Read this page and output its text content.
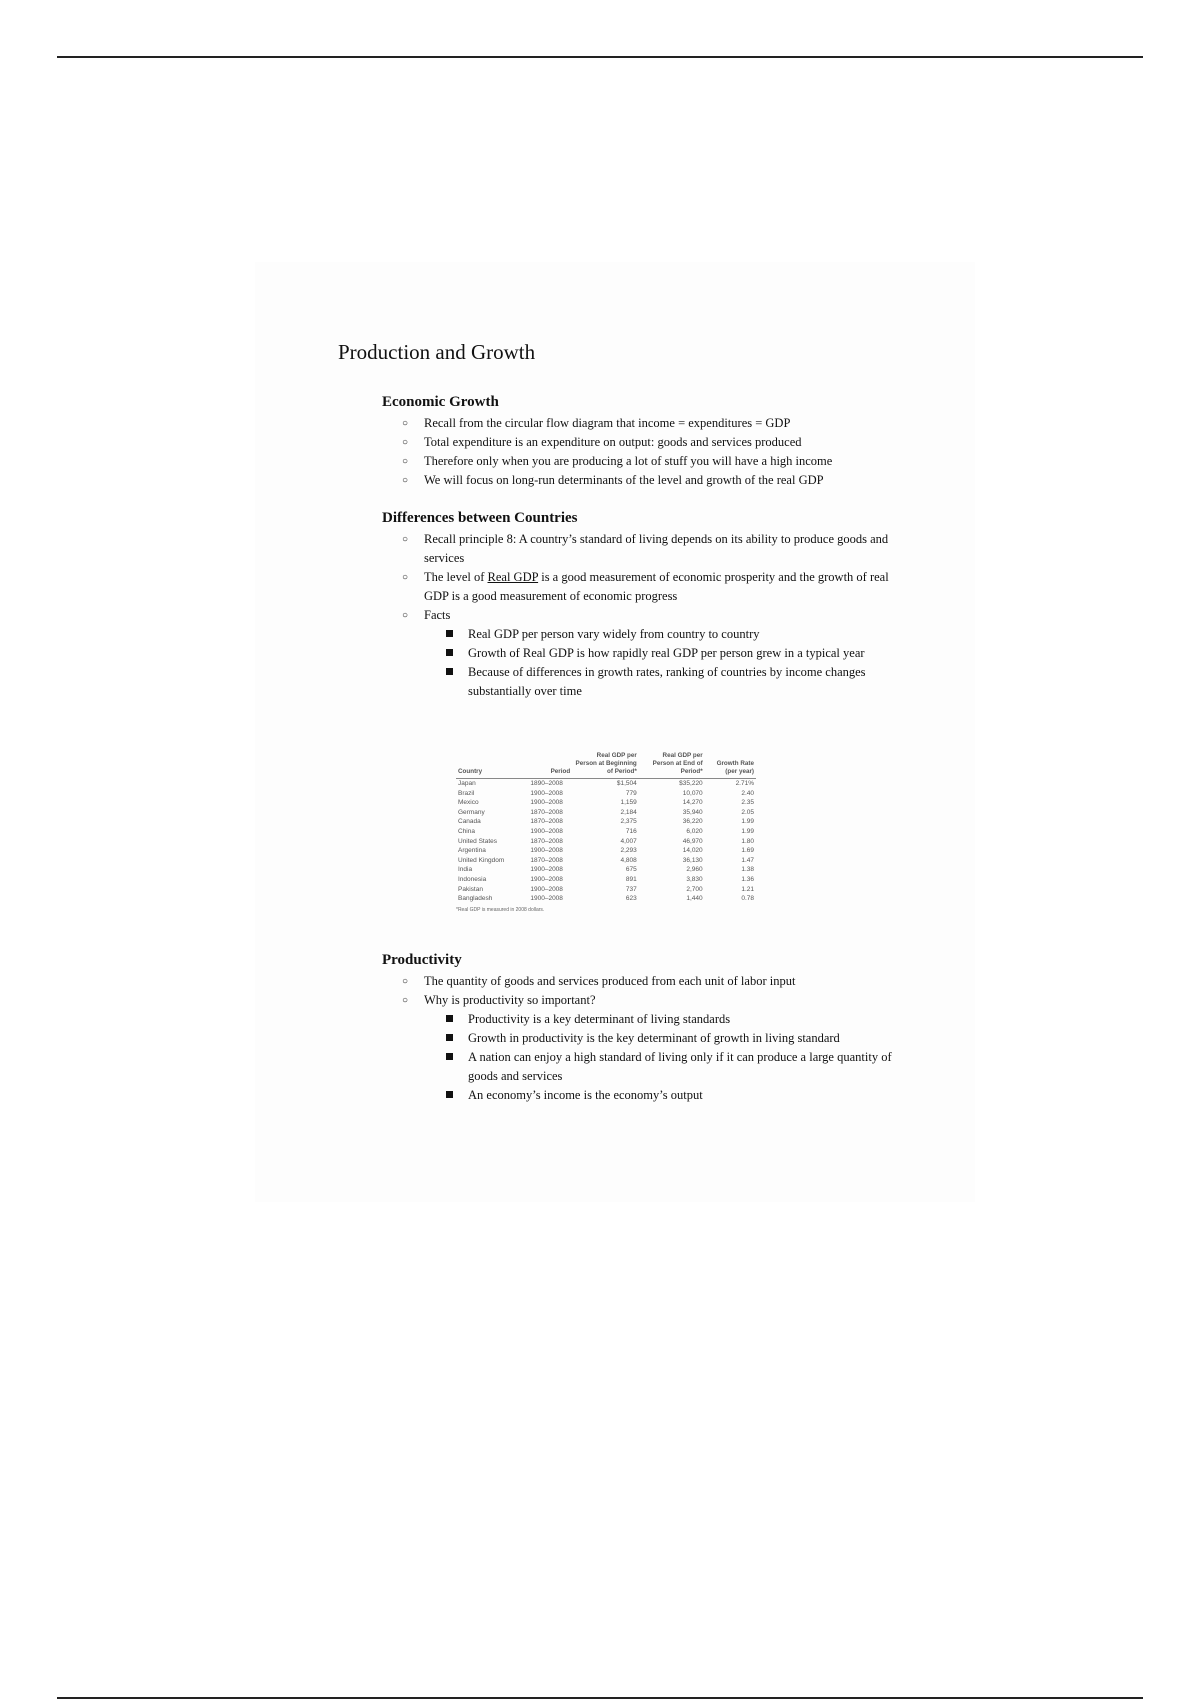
Production and Growth
Economic Growth
○ Recall from the circular flow diagram that income = expenditures = GDP
○ Total expenditure is an expenditure on output: goods and services produced
○ Therefore only when you are producing a lot of stuff you will have a high income
○ We will focus on long-run determinants of the level and growth of the real GDP
Differences between Countries
○ Recall principle 8: A country’s standard of living depends on its ability to produce goods and services
○ The level of Real GDP is a good measurement of economic prosperity and the growth of real GDP is a good measurement of economic progress
○ Facts
Real GDP per person vary widely from country to country
Growth of Real GDP is how rapidly real GDP per person grew in a typical year
Because of differences in growth rates, ranking of countries by income changes substantially over time
Country	Period	Real GDP per Person at Beginning of Period*	Real GDP per Person at End of Period*	Growth Rate (per year)
Japan	1890–2008	$1,504	$35,220	2.71%
Brazil	1900–2008	779	10,070	2.40
Mexico	1900–2008	1,159	14,270	2.35
Germany	1870–2008	2,184	35,940	2.05
Canada	1870–2008	2,375	36,220	1.99
China	1900–2008	716	6,020	1.99
United States	1870–2008	4,007	46,970	1.80
Argentina	1900–2008	2,293	14,020	1.69
United Kingdom	1870–2008	4,808	36,130	1.47
India	1900–2008	675	2,960	1.38
Indonesia	1900–2008	891	3,830	1.36
Pakistan	1900–2008	737	2,700	1.21
Bangladesh	1900–2008	623	1,440	0.78
*Real GDP is measured in 2008 dollars.
Productivity
○ The quantity of goods and services produced from each unit of labor input
○ Why is productivity so important?
Productivity is a key determinant of living standards
Growth in productivity is the key determinant of growth in living standard
A nation can enjoy a high standard of living only if it can produce a large quantity of goods and services
An economy’s income is the economy’s output
